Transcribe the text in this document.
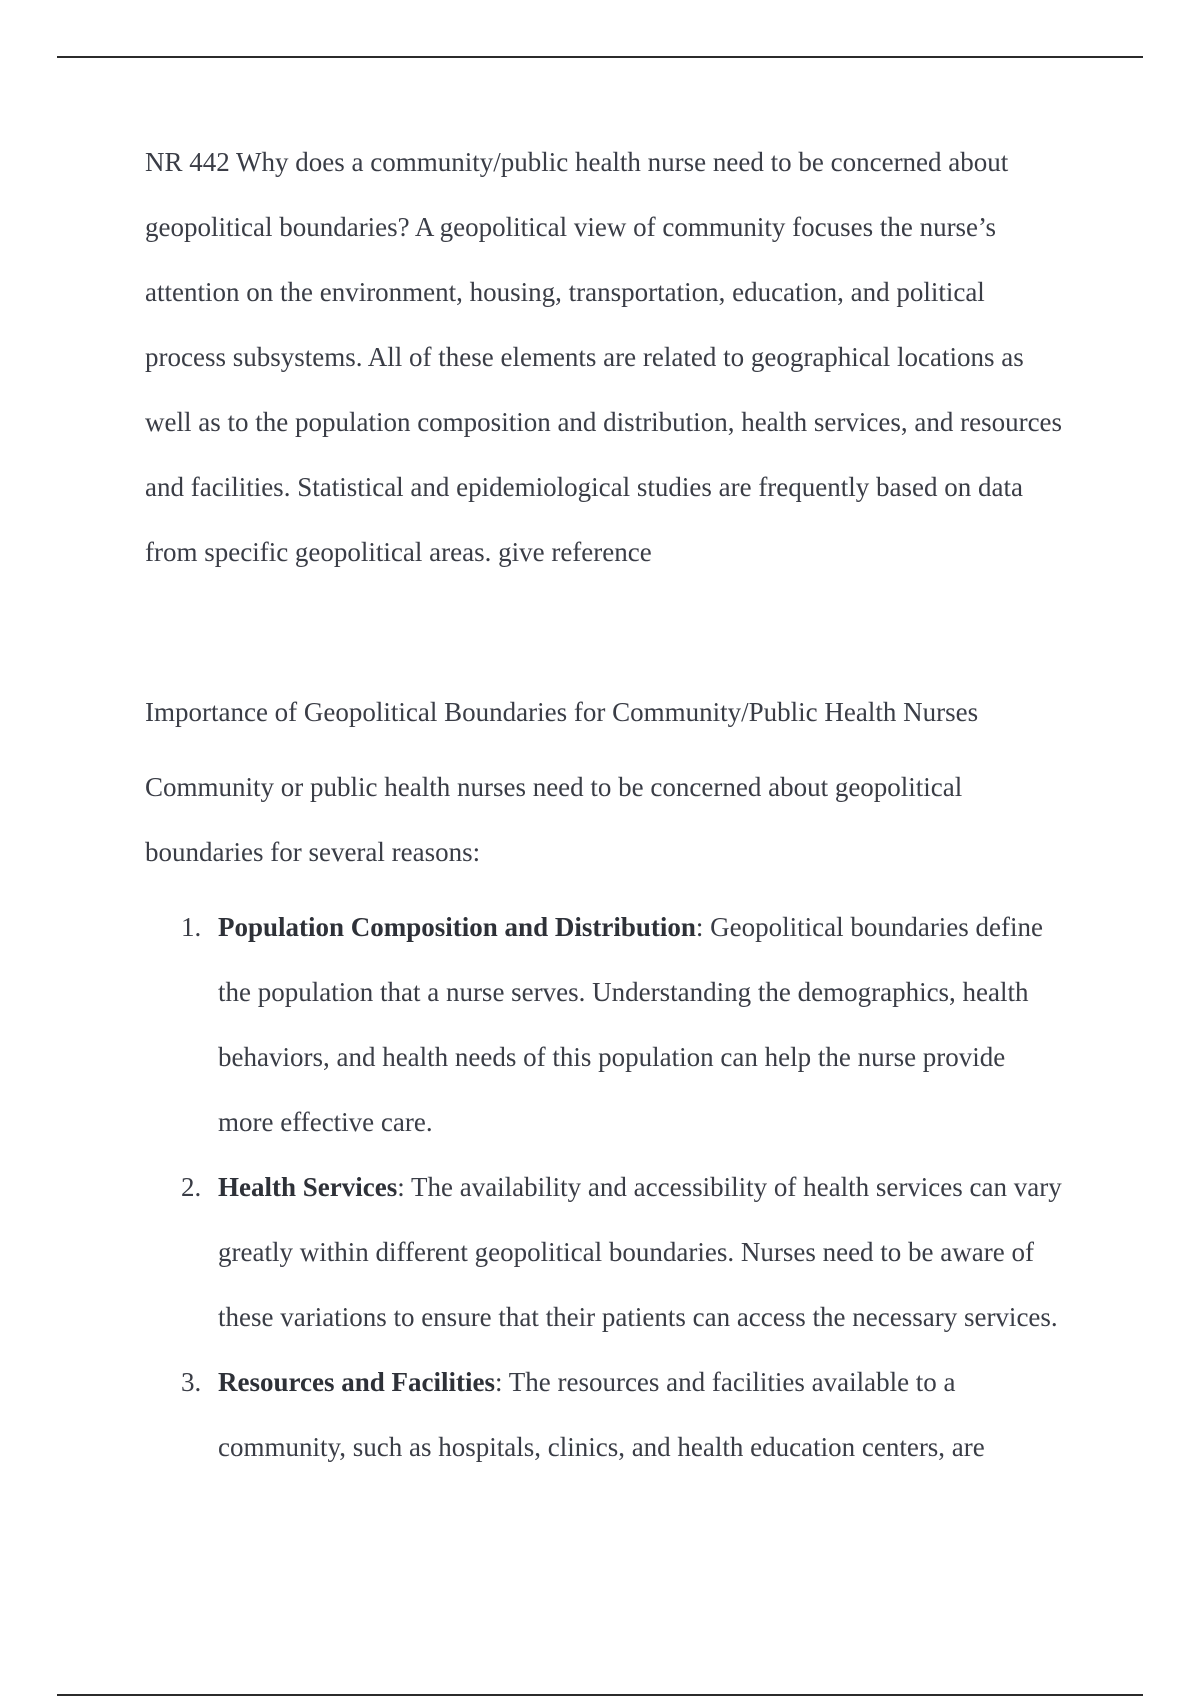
NR 442 Why does a community/public health nurse need to be concerned about geopolitical boundaries? A geopolitical view of community focuses the nurse’s attention on the environment, housing, transportation, education, and political process subsystems. All of these elements are related to geographical locations as well as to the population composition and distribution, health services, and resources and facilities. Statistical and epidemiological studies are frequently based on data from specific geopolitical areas. give reference

Importance of Geopolitical Boundaries for Community/Public Health Nurses

Community or public health nurses need to be concerned about geopolitical boundaries for several reasons:

1. Population Composition and Distribution: Geopolitical boundaries define the population that a nurse serves. Understanding the demographics, health behaviors, and health needs of this population can help the nurse provide more effective care.
2. Health Services: The availability and accessibility of health services can vary greatly within different geopolitical boundaries. Nurses need to be aware of these variations to ensure that their patients can access the necessary services.
3. Resources and Facilities: The resources and facilities available to a community, such as hospitals, clinics, and health education centers, are
